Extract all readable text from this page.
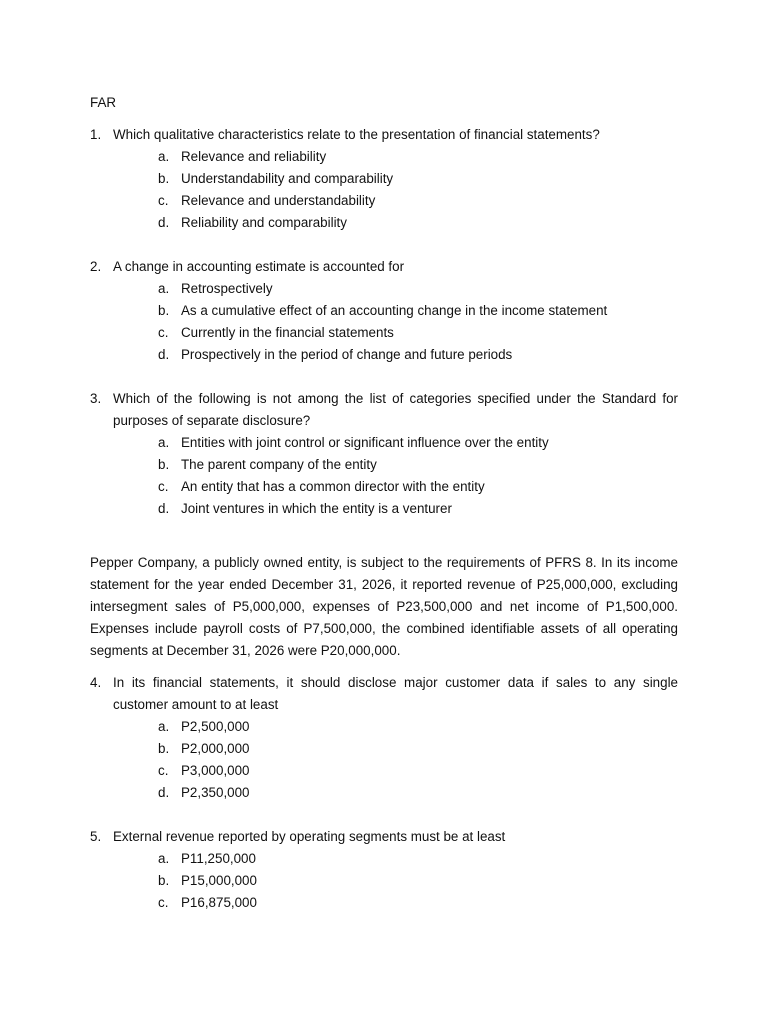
FAR
1. Which qualitative characteristics relate to the presentation of financial statements?
a. Relevance and reliability
b. Understandability and comparability
c. Relevance and understandability
d. Reliability and comparability
2. A change in accounting estimate is accounted for
a. Retrospectively
b. As a cumulative effect of an accounting change in the income statement
c. Currently in the financial statements
d. Prospectively in the period of change and future periods
3. Which of the following is not among the list of categories specified under the Standard for purposes of separate disclosure?
a. Entities with joint control or significant influence over the entity
b. The parent company of the entity
c. An entity that has a common director with the entity
d. Joint ventures in which the entity is a venturer
Pepper Company, a publicly owned entity, is subject to the requirements of PFRS 8. In its income statement for the year ended December 31, 2026, it reported revenue of P25,000,000, excluding intersegment sales of P5,000,000, expenses of P23,500,000 and net income of P1,500,000. Expenses include payroll costs of P7,500,000, the combined identifiable assets of all operating segments at December 31, 2026 were P20,000,000.
4. In its financial statements, it should disclose major customer data if sales to any single customer amount to at least
a. P2,500,000
b. P2,000,000
c. P3,000,000
d. P2,350,000
5. External revenue reported by operating segments must be at least
a. P11,250,000
b. P15,000,000
c. P16,875,000
